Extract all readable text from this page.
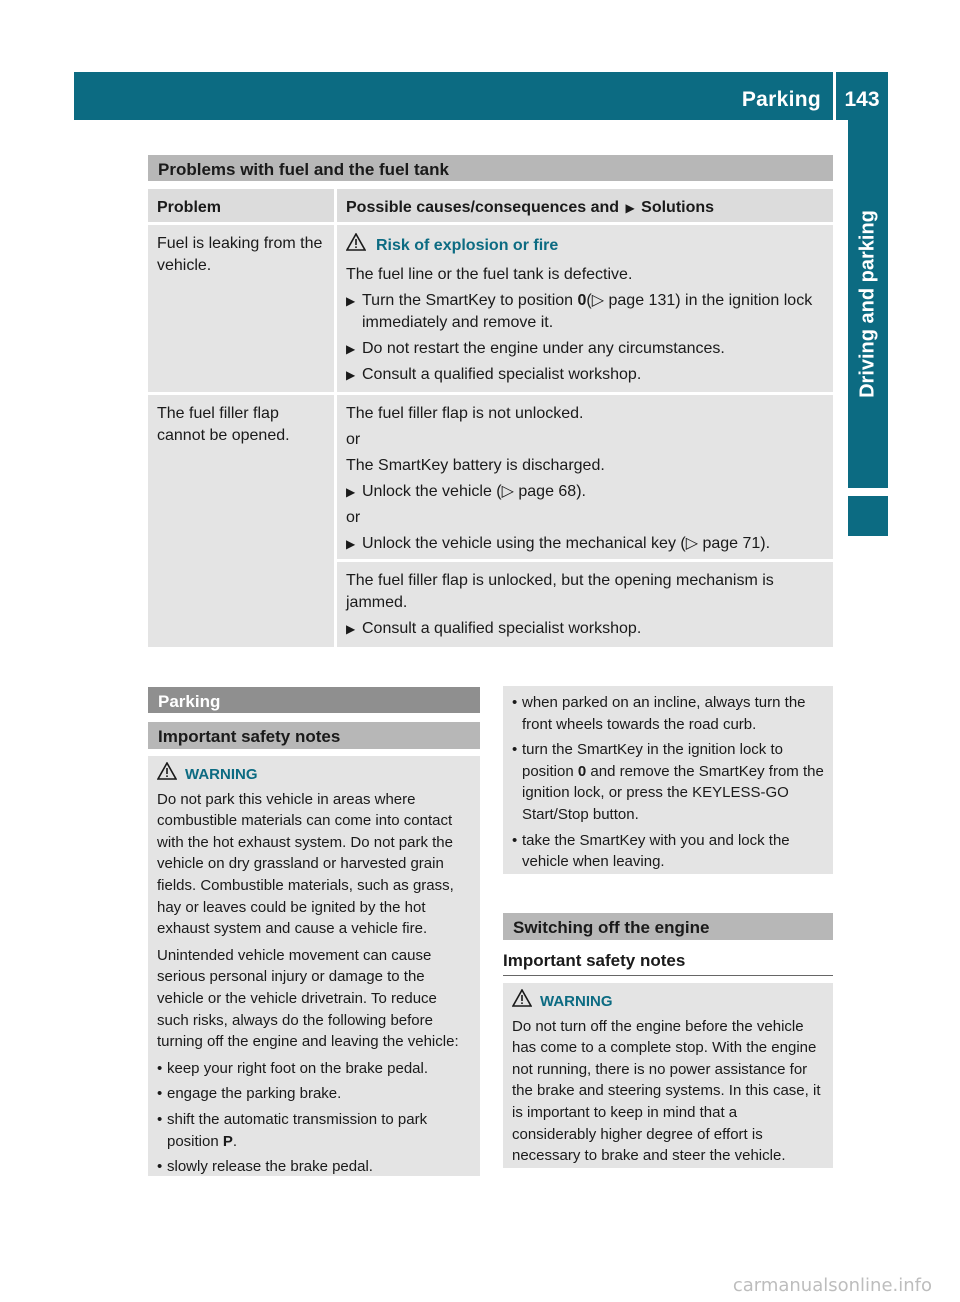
Parking	143
Driving and parking
Problems with fuel and the fuel tank
Problem	Possible causes/consequences and ▶ Solutions
Fuel is leaking from the vehicle.
Risk of explosion or fire
The fuel line or the fuel tank is defective.
▶ Turn the SmartKey to position 0(▷ page 131) in the ignition lock immediately and remove it.
▶ Do not restart the engine under any circumstances.
▶ Consult a qualified specialist workshop.
The fuel filler flap cannot be opened.
The fuel filler flap is not unlocked.
or
The SmartKey battery is discharged.
▶ Unlock the vehicle (▷ page 68).
or
▶ Unlock the vehicle using the mechanical key (▷ page 71).
The fuel filler flap is unlocked, but the opening mechanism is jammed.
▶ Consult a qualified specialist workshop.
Parking
Important safety notes
WARNING
Do not park this vehicle in areas where combustible materials can come into contact with the hot exhaust system. Do not park the vehicle on dry grassland or harvested grain fields. Combustible materials, such as grass, hay or leaves could be ignited by the hot exhaust system and cause a vehicle fire.
Unintended vehicle movement can cause serious personal injury or damage to the vehicle or the vehicle drivetrain. To reduce such risks, always do the following before turning off the engine and leaving the vehicle:
• keep your right foot on the brake pedal.
• engage the parking brake.
• shift the automatic transmission to park position P.
• slowly release the brake pedal.
• when parked on an incline, always turn the front wheels towards the road curb.
• turn the SmartKey in the ignition lock to position 0 and remove the SmartKey from the ignition lock, or press the KEYLESS-GO Start/Stop button.
• take the SmartKey with you and lock the vehicle when leaving.
Switching off the engine
Important safety notes
WARNING
Do not turn off the engine before the vehicle has come to a complete stop. With the engine not running, there is no power assistance for the brake and steering systems. In this case, it is important to keep in mind that a considerably higher degree of effort is necessary to brake and steer the vehicle.
carmanualsonline.info
